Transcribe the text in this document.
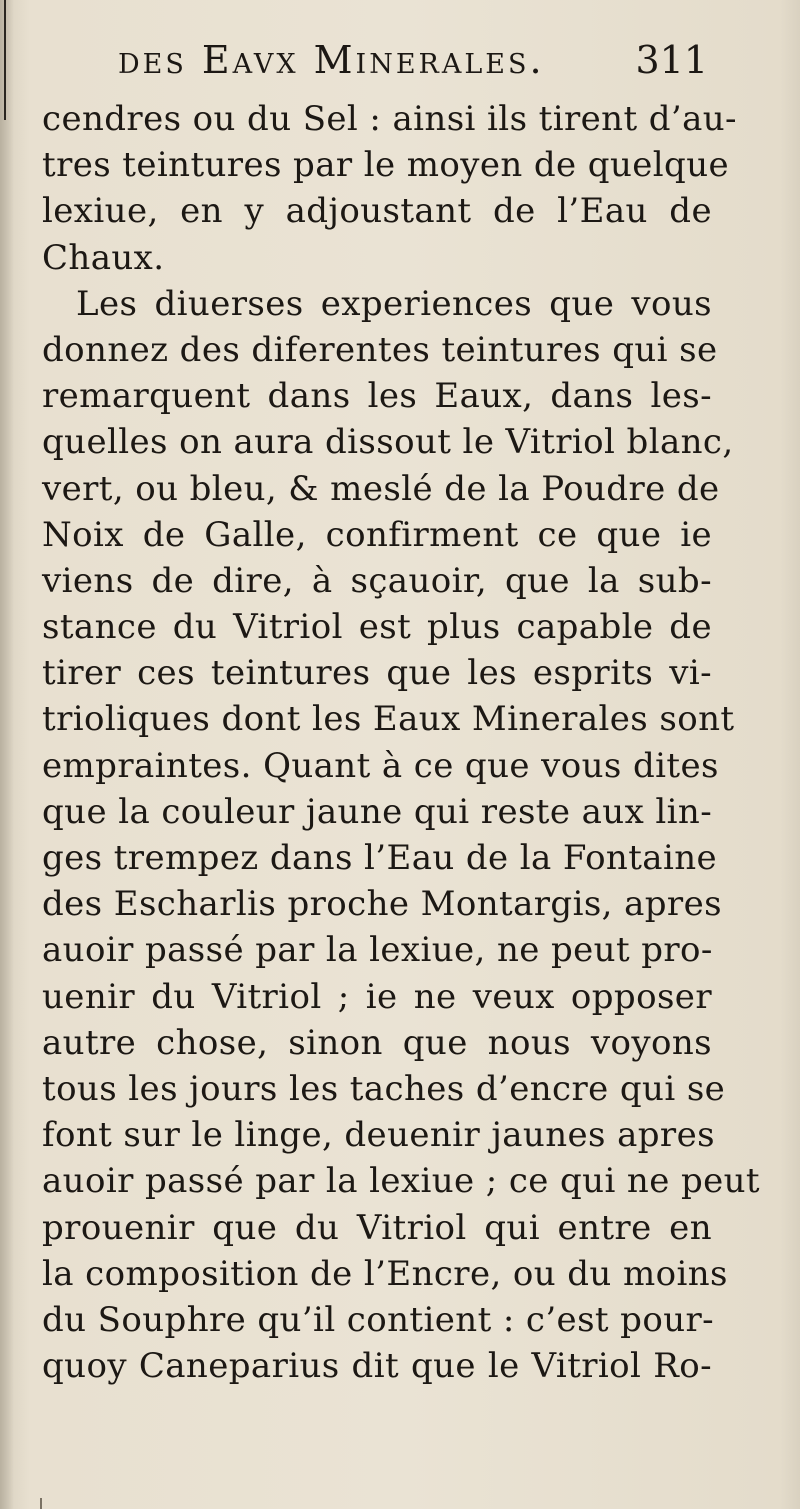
des Eavx Minerales. 311
cendres ou du Sel : ainsi ils tirent d’au-
tres teintures par le moyen de quelque
lexiue, en y adjoustant de l’Eau de
Chaux.
Les diuerses experiences que vous
donnez des diferentes teintures qui se
remarquent dans les Eaux, dans les-
quelles on aura dissout le Vitriol blanc,
vert, ou bleu, & meslé de la Poudre de
Noix de Galle, confirment ce que ie
viens de dire, à sçauoir, que la sub-
stance du Vitriol est plus capable de
tirer ces teintures que les esprits vi-
trioliques dont les Eaux Minerales sont
empraintes. Quant à ce que vous dites
que la couleur jaune qui reste aux lin-
ges trempez dans l’Eau de la Fontaine
des Escharlis proche Montargis, apres
auoir passé par la lexiue, ne peut pro-
uenir du Vitriol ; ie ne veux opposer
autre chose, sinon que nous voyons
tous les jours les taches d’encre qui se
font sur le linge, deuenir jaunes apres
auoir passé par la lexiue ; ce qui ne peut
prouenir que du Vitriol qui entre en
la composition de l’Encre, ou du moins
du Souphre qu’il contient : c’est pour-
quoy Caneparius dit que le Vitriol Ro-
